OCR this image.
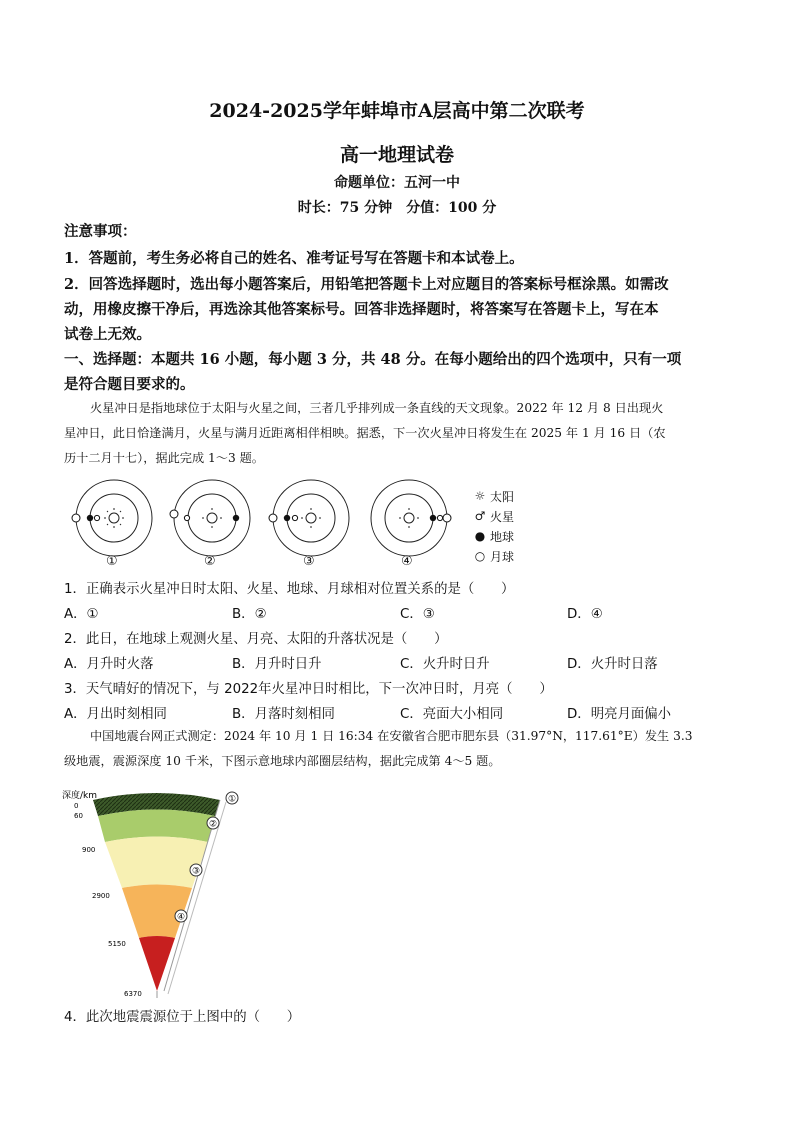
2024-2025学年蚌埠市A层高中第二次联考
高一地理试卷
命题单位：五河一中
时长：75 分钟　分值：100 分
注意事项：
1．答题前，考生务必将自己的姓名、准考证号写在答题卡和本试卷上。
2．回答选择题时，选出每小题答案后，用铅笔把答题卡上对应题目的答案标号框涂黑。如需改
动，用橡皮擦干净后，再选涂其他答案标号。回答非选择题时，将答案写在答题卡上，写在本
试卷上无效。
一、选择题：本题共 16 小题，每小题 3 分，共 48 分。在每小题给出的四个选项中，只有一项
是符合题目要求的。
火星冲日是指地球位于太阳与火星之间，三者几乎排列成一条直线的天文现象。2022 年 12 月 8 日出现火
星冲日，此日恰逢满月，火星与满月近距离相伴相映。据悉，下一次火星冲日将发生在 2025 年 1 月 16 日（农
历十二月十七），据此完成 1～3 题。
①	②	③	④
☼ 太阳
♂ 火星
● 地球
○ 月球
1．正确表示火星冲日时太阳、火星、地球、月球相对位置关系的是（　　）
A．①	B．②	C．③	D．④
2．此日，在地球上观测火星、月亮、太阳的升落状况是（　　）
A．月升时火落	B．月升时日升	C．火升时日升	D．火升时日落
3．天气晴好的情况下，与 2022年火星冲日时相比，下一次冲日时，月亮（　　）
A．月出时刻相同	B．月落时刻相同	C．亮面大小相同	D．明亮月面偏小
中国地震台网正式测定：2024 年 10 月 1 日 16:34 在安徽省合肥市肥东县（31.97°N，117.61°E）发生 3.3
级地震，震源深度 10 千米，下图示意地球内部圈层结构，据此完成第 4～5 题。
①
②
③
④
深度/km
0
60
900
2900
5150
6370
4．此次地震震源位于上图中的（　　）
